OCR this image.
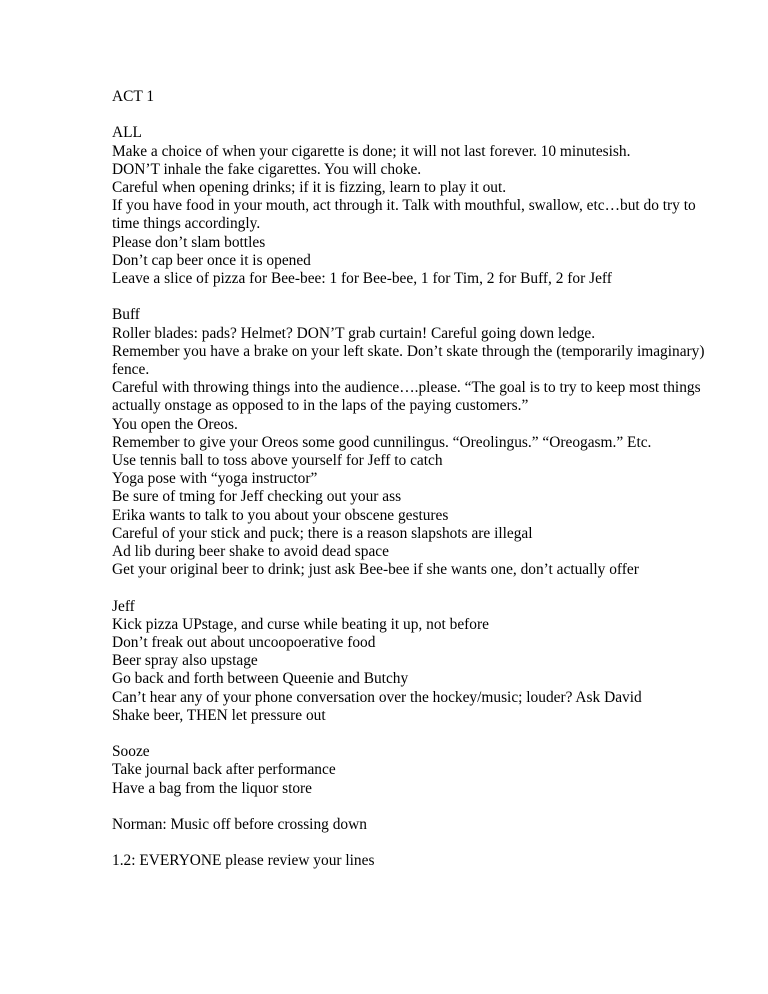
ACT 1
ALL
Make a choice of when your cigarette is done; it will not last forever. 10 minutesish.
DON’T inhale the fake cigarettes. You will choke.
Careful when opening drinks; if it is fizzing, learn to play it out.
If you have food in your mouth, act through it. Talk with mouthful, swallow, etc…but do try to time things accordingly.
Please don’t slam bottles
Don’t cap beer once it is opened
Leave a slice of pizza for Bee-bee: 1 for Bee-bee, 1 for Tim, 2 for Buff, 2 for Jeff
Buff
Roller blades: pads? Helmet? DON’T grab curtain! Careful going down ledge.
Remember you have a brake on your left skate. Don’t skate through the (temporarily imaginary) fence.
Careful with throwing things into the audience….please. “The goal is to try to keep most things actually onstage as opposed to in the laps of the paying customers.”
You open the Oreos.
Remember to give your Oreos some good cunnilingus. “Oreolingus.” “Oreogasm.” Etc.
Use tennis ball to toss above yourself for Jeff to catch
Yoga pose with “yoga instructor”
Be sure of tming for Jeff checking out your ass
Erika wants to talk to you about your obscene gestures
Careful of your stick and puck; there is a reason slapshots are illegal
Ad lib during beer shake to avoid dead space
Get your original beer to drink; just ask Bee-bee if she wants one, don’t actually offer
Jeff
Kick pizza UPstage, and curse while beating it up, not before
Don’t freak out about uncoopoerative food
Beer spray also upstage
Go back and forth between Queenie and Butchy
Can’t hear any of your phone conversation over the hockey/music; louder? Ask David
Shake beer, THEN let pressure out
Sooze
Take journal back after performance
Have a bag from the liquor store
Norman: Music off before crossing down
1.2: EVERYONE please review your lines
